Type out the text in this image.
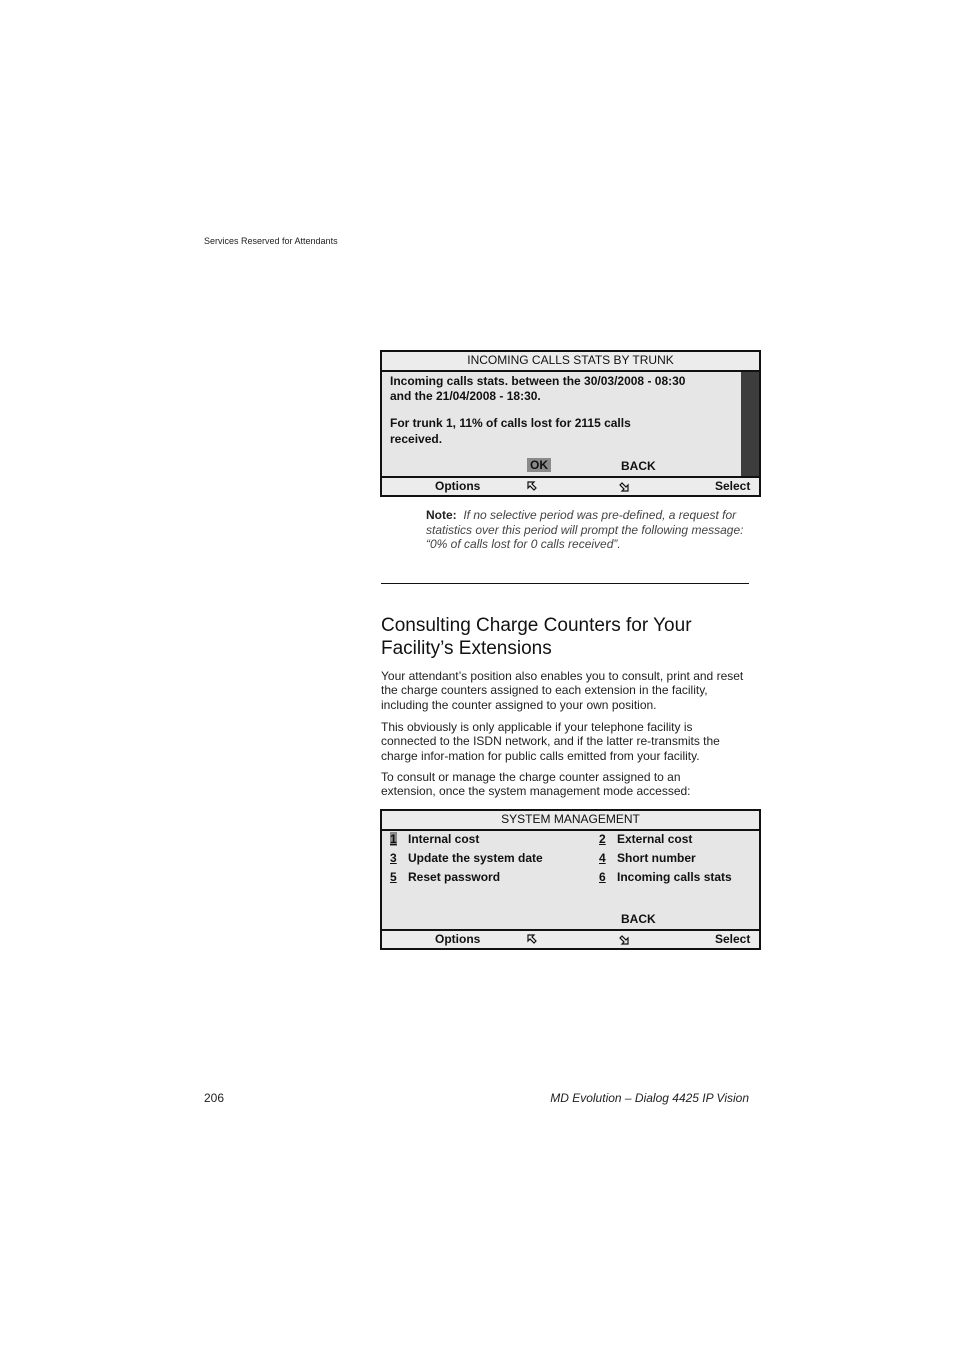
Services Reserved for Attendants
INCOMING CALLS STATS BY TRUNK
Incoming calls stats. between the 30/03/2008 - 08:30
and the 21/04/2008 - 18:30.
For trunk 1, 11% of calls lost for 2115 calls
received.
OK	BACK
Options	Select
Note: If no selective period was pre-defined, a request for statistics over this period will prompt the following message: “0% of calls lost for 0 calls received”.
Consulting Charge Counters for Your
Facility’s Extensions
Your attendant’s position also enables you to consult, print and reset the charge counters assigned to each extension in the facility, including the counter assigned to your own position.
This obviously is only applicable if your telephone facility is connected to the ISDN network, and if the latter re-transmits the charge infor-mation for public calls emitted from your facility.
To consult or manage the charge counter assigned to an extension, once the system management mode accessed:
SYSTEM MANAGEMENT
1 Internal cost	2 External cost
3 Update the system date	4 Short number
5 Reset password	6 Incoming calls stats
BACK
Options	Select
206	MD Evolution – Dialog 4425 IP Vision
